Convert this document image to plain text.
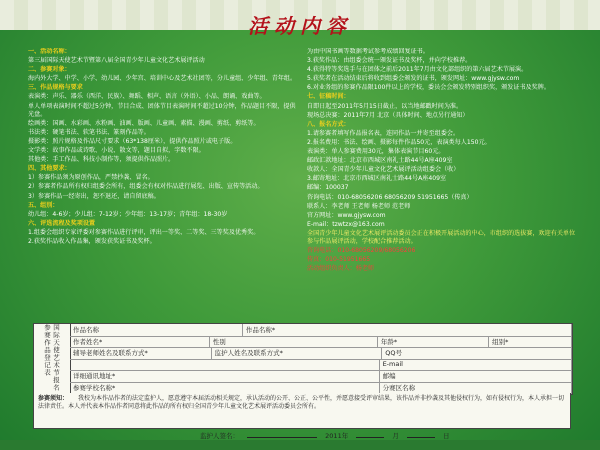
活动内容

一、活动名称：

第三届国际天使艺术节暨第八届全国青少年儿童文化艺术展评活动

二、参赛对象：

海内外大学、中学、小学、幼儿园、少年宫、培训中心及艺术社团等，分儿童组、少年组、青年组。

三、作品规格与要求

表演类：声乐、器乐（西洋、民族）、舞蹈、相声、语言（外语）、小品、朗诵、戏曲等。

单人单项表演时间不超过5分钟，节目合成、团体节目表演时间不超过10分钟，作品题目不限，提供光盘。

绘画类：国画、水彩画、水粉画、油画、版画、儿童画、素描、漫画、剪纸、剪纸等。

书法类：硬笔书法、软笔书法、篆刻作品等。

摄影类：照片规格及作品尺寸要求（63*138厘米），提供作品照片或电子版。

文学类：故事作品或诗歌、小说、散文等，题目自拟，字数不限。

其他类：手工作品、科技小制作等，须提供作品照片。

四、其他要求：

1）参赛作品须为原创作品，严禁抄袭、冒名。

2）参赛者作品所有权归组委会所有，组委会有权对作品进行展览、出版、宣传等活动。

3）参赛作品一经寄出，恕不退还，请自留底稿。

五、组别：

幼儿组：4-6岁；少儿组：7-12岁；少年组：13-17岁；青年组：18-30岁

六、评选流程及奖项设置

1.组委会组织专家评委对参赛作品进行评审，评出一等奖、二等奖、三等奖及优秀奖。

2.获奖作品收入作品集，颁发获奖证书及奖杯。

为由中国书画等数据考试参考成绩回复证书。

3.获奖作品：由组委会统一颁发证书及奖杯，并向学校推荐。

4.获得特等奖选手与在团体之前后2011年7月由文化部组织的第六届艺术节展演。

5.获奖者在活动结束后将收到组委会颁发的证书，颁发网址：www.gjysw.com

6.对业务组的参赛作品限100件以上的学校，委员会会颁发特别组织奖，颁发证书及奖牌。

七、征稿时间：

自即日起至2011年5月15日截止，以当地邮戳时间为准。

现场总决赛：2011年7月 北京（具体时间、地点另行通知）

八、报名方式：

1.请参赛者填写作品报名表，连同作品一并寄至组委会。

2.报名费用：书法、绘画、摄影每件作品50元，表演类每人150元。

表演类：单人参赛费用30元，集体表演节目60元。

邮政汇款地址：北京市西城区南礼士路44号A座409室

收款人：全国青少年儿童文化艺术展评活动组委会（收）

3.邮寄地址：北京市西城区南礼士路44号A座409室

邮编：100037

咨询电话：010-68056206 68056209 51951665（传真）

联系人：李老师 王老师 杨老师 范老师

官方网址：www.gjysw.com

E-mail：tzwtzx@163.com

全国青少年儿童文化艺术展评活动委员会正在积极开展活动的中心，市组织的选拔赛，欢迎有关单位参与作品展评活动，学校配合推荐活动。

咨询电话：010-68056209/68056206

传真：010-51951665

活动组织负责人：杨老师

国际天使艺术节报名参赛作品登记表	作品名称	作品名称*
作者姓名*	性别	年龄*	组别*
辅导老师姓名及联系方式*	监护人姓名及联系方式*	QQ号
E-mail
详细通讯地址*	邮编
参赛学校名称*	分赛区名称
参赛须知： 我校为本作品作者的法定监护人，愿意遵守本届活动相关规定，承认活动的公开、公正、公平性，并愿意接受评审结果，该作品并非抄袭及其他侵权行为，如有侵权行为，本人承担一切法律责任。本人并代表本作品作者同意将此作品的所有权归全国青少年儿童文化艺术展评活动委员会所有。
监护人签名：	2011年	月	日
